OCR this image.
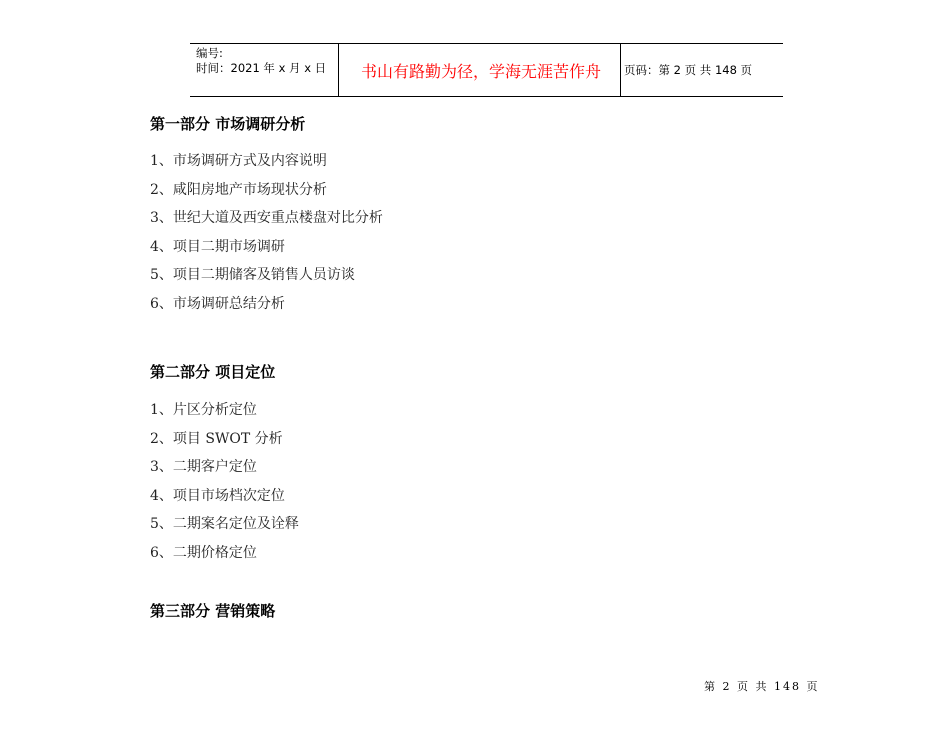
编号:
时间：2021 年 x 月 x 日	书山有路勤为径，学海无涯苦作舟	页码：第 2 页 共 148 页
第一部分 市场调研分析
1、市场调研方式及内容说明
2、咸阳房地产市场现状分析
3、世纪大道及西安重点楼盘对比分析
4、项目二期市场调研
5、项目二期储客及销售人员访谈
6、市场调研总结分析
第二部分 项目定位
1、片区分析定位
2、项目 SWOT 分析
3、二期客户定位
4、项目市场档次定位
5、二期案名定位及诠释
6、二期价格定位
第三部分 营销策略
第 2 页 共 148 页
